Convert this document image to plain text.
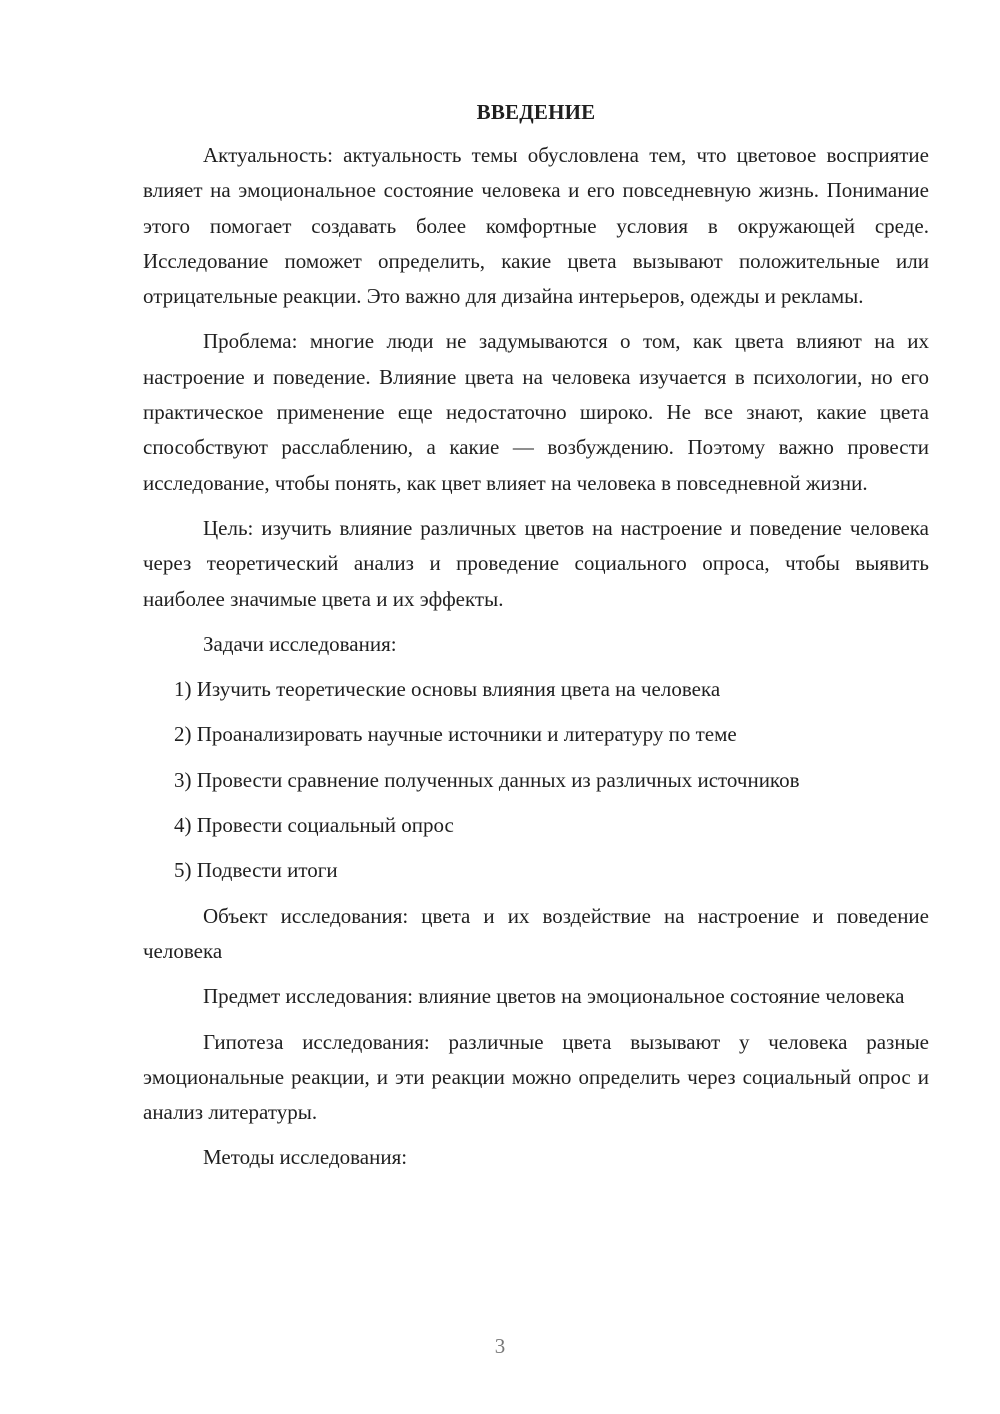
ВВЕДЕНИЕ

Актуальность: актуальность темы обусловлена тем, что цветовое восприятие влияет на эмоциональное состояние человека и его повседневную жизнь. Понимание этого помогает создавать более комфортные условия в окружающей среде. Исследование поможет определить, какие цвета вызывают положительные или отрицательные реакции. Это важно для дизайна интерьеров, одежды и рекламы.

Проблема: многие люди не задумываются о том, как цвета влияют на их настроение и поведение. Влияние цвета на человека изучается в психологии, но его практическое применение еще недостаточно широко. Не все знают, какие цвета способствуют расслаблению, а какие — возбуждению. Поэтому важно провести исследование, чтобы понять, как цвет влияет на человека в повседневной жизни.

Цель: изучить влияние различных цветов на настроение и поведение человека через теоретический анализ и проведение социального опроса, чтобы выявить наиболее значимые цвета и их эффекты.

Задачи исследования:

1) Изучить теоретические основы влияния цвета на человека
2) Проанализировать научные источники и литературу по теме
3) Провести сравнение полученных данных из различных источников
4) Провести социальный опрос
5) Подвести итоги

Объект исследования: цвета и их воздействие на настроение и поведение человека

Предмет исследования: влияние цветов на эмоциональное состояние человека

Гипотеза исследования: различные цвета вызывают у человека разные эмоциональные реакции, и эти реакции можно определить через социальный опрос и анализ литературы.

Методы исследования:

3
